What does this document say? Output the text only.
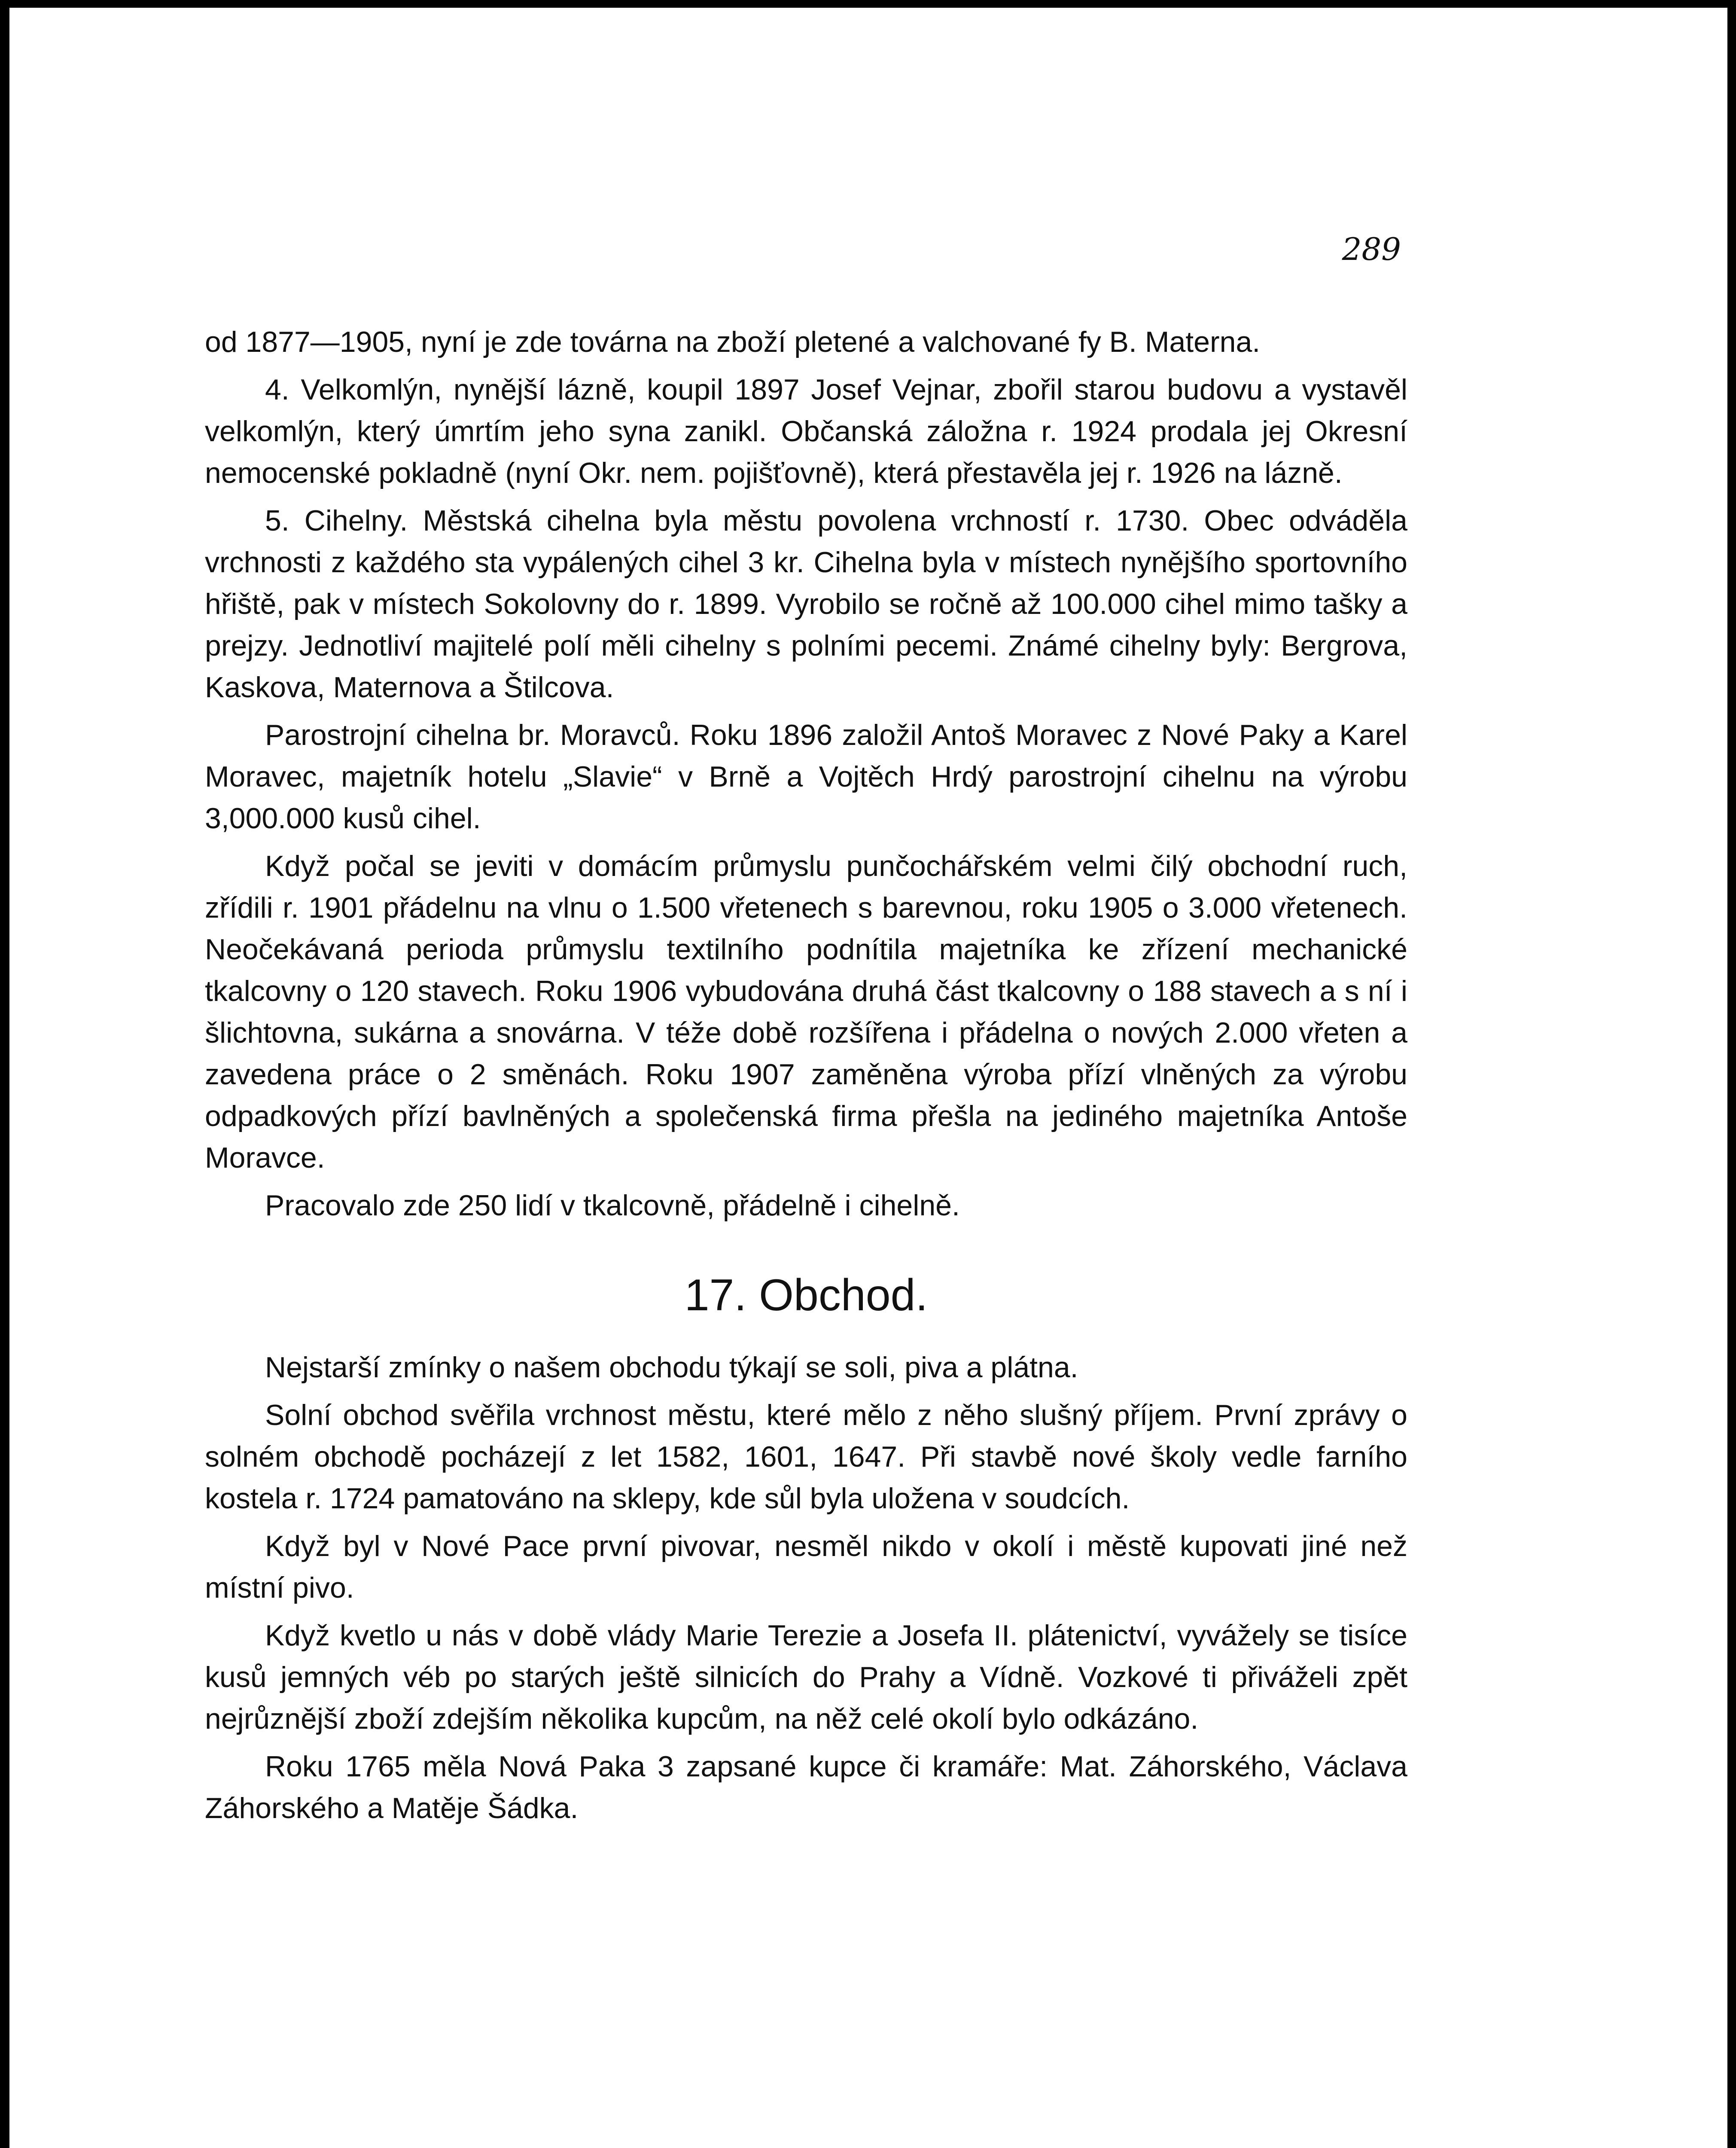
289

od 1877—1905, nyní je zde továrna na zboží pletené a valchované fy B. Materna.

4. Velkomlýn, nynější lázně, koupil 1897 Josef Vejnar, zbořil starou budovu a vystavěl velkomlýn, který úmrtím jeho syna zanikl. Občanská záložna r. 1924 prodala jej Okresní nemocenské pokladně (nyní Okr. nem. pojišťovně), která přestavěla jej r. 1926 na lázně.

5. Cihelny. Městská cihelna byla městu povolena vrchností r. 1730. Obec odváděla vrchnosti z každého sta vypálených cihel 3 kr. Cihelna byla v místech nynějšího sportovního hřiště, pak v místech Sokolovny do r. 1899. Vyrobilo se ročně až 100.000 cihel mimo tašky a prejzy. Jednotliví majitelé polí měli cihelny s polními pecemi. Známé cihelny byly: Bergrova, Kaskova, Maternova a Štilcova.

Parostrojní cihelna br. Moravců. Roku 1896 založil Antoš Moravec z Nové Paky a Karel Moravec, majetník hotelu „Slavie“ v Brně a Vojtěch Hrdý parostrojní cihelnu na výrobu 3,000.000 kusů cihel.

Když počal se jeviti v domácím průmyslu punčochářském velmi čilý obchodní ruch, zřídili r. 1901 přádelnu na vlnu o 1.500 vřetenech s barevnou, roku 1905 o 3.000 vřetenech. Neočekávaná perioda průmyslu textilního podnítila majetníka ke zřízení mechanické tkalcovny o 120 stavech. Roku 1906 vybudována druhá část tkalcovny o 188 stavech a s ní i šlichtovna, sukárna a snovárna. V téže době rozšířena i přádelna o nových 2.000 vřeten a zavedena práce o 2 směnách. Roku 1907 zaměněna výroba přízí vlněných za výrobu odpadkových přízí bavlněných a společenská firma přešla na jediného majetníka Antoše Moravce.

Pracovalo zde 250 lidí v tkalcovně, přádelně i cihelně.

17. Obchod.

Nejstarší zmínky o našem obchodu týkají se soli, piva a plátna.

Solní obchod svěřila vrchnost městu, které mělo z něho slušný příjem. První zprávy o solném obchodě pocházejí z let 1582, 1601, 1647. Při stavbě nové školy vedle farního kostela r. 1724 pamatováno na sklepy, kde sůl byla uložena v soudcích.

Když byl v Nové Pace první pivovar, nesměl nikdo v okolí i městě kupovati jiné než místní pivo.

Když kvetlo u nás v době vlády Marie Terezie a Josefa II. plátenictví, vyvážely se tisíce kusů jemných véb po starých ještě silnicích do Prahy a Vídně. Vozkové ti přiváželi zpět nejrůznější zboží zdejším několika kupcům, na něž celé okolí bylo odkázáno.

Roku 1765 měla Nová Paka 3 zapsané kupce či kramáře: Mat. Záhorského, Václava Záhorského a Matěje Šádka.
